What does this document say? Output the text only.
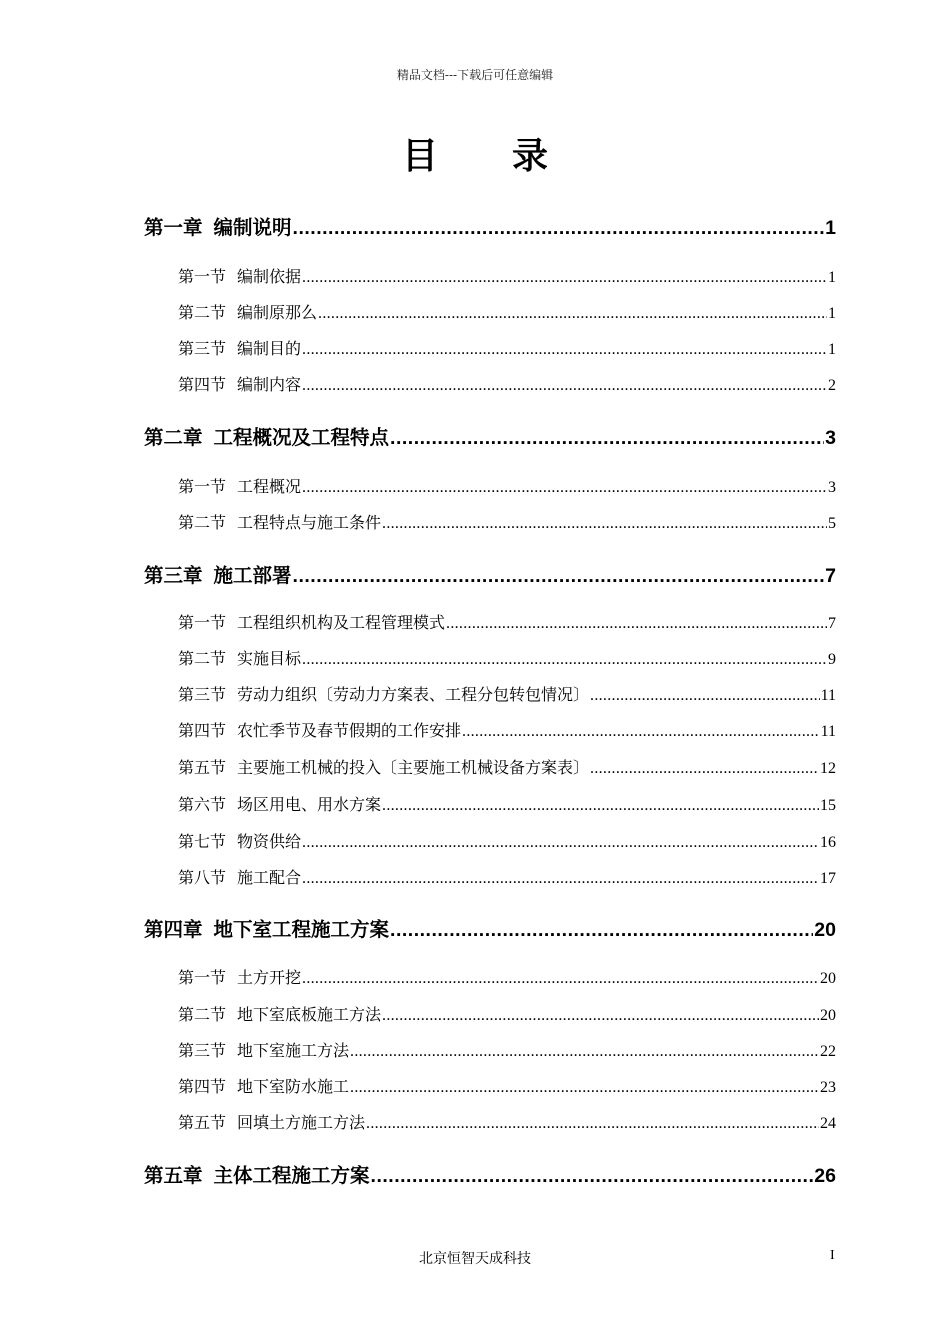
精品文档---下载后可任意编辑
目录
第一章 编制说明 .....	1
第一节 编制依据 .....	1
第二节 编制原那么 .....	1
第三节 编制目的 .....	1
第四节 编制内容 .....	2
第二章 工程概况及工程特点 .....	3
第一节 工程概况 .....	3
第二节 工程特点与施工条件 .....	5
第三章 施工部署 .....	7
第一节 工程组织机构及工程管理模式 .....	7
第二节 实施目标 .....	9
第三节 劳动力组织〔劳动力方案表、工程分包转包情况〕 .....	11
第四节 农忙季节及春节假期的工作安排 .....	11
第五节 主要施工机械的投入〔主要施工机械设备方案表〕 .....	12
第六节 场区用电、用水方案 .....	15
第七节 物资供给 .....	16
第八节 施工配合 .....	17
第四章 地下室工程施工方案 .....	20
第一节 土方开挖 .....	20
第二节 地下室底板施工方法 .....	20
第三节 地下室施工方法 .....	22
第四节 地下室防水施工 .....	23
第五节 回填土方施工方法 .....	24
第五章 主体工程施工方案 .....	26
北京恒智天成科技	I
